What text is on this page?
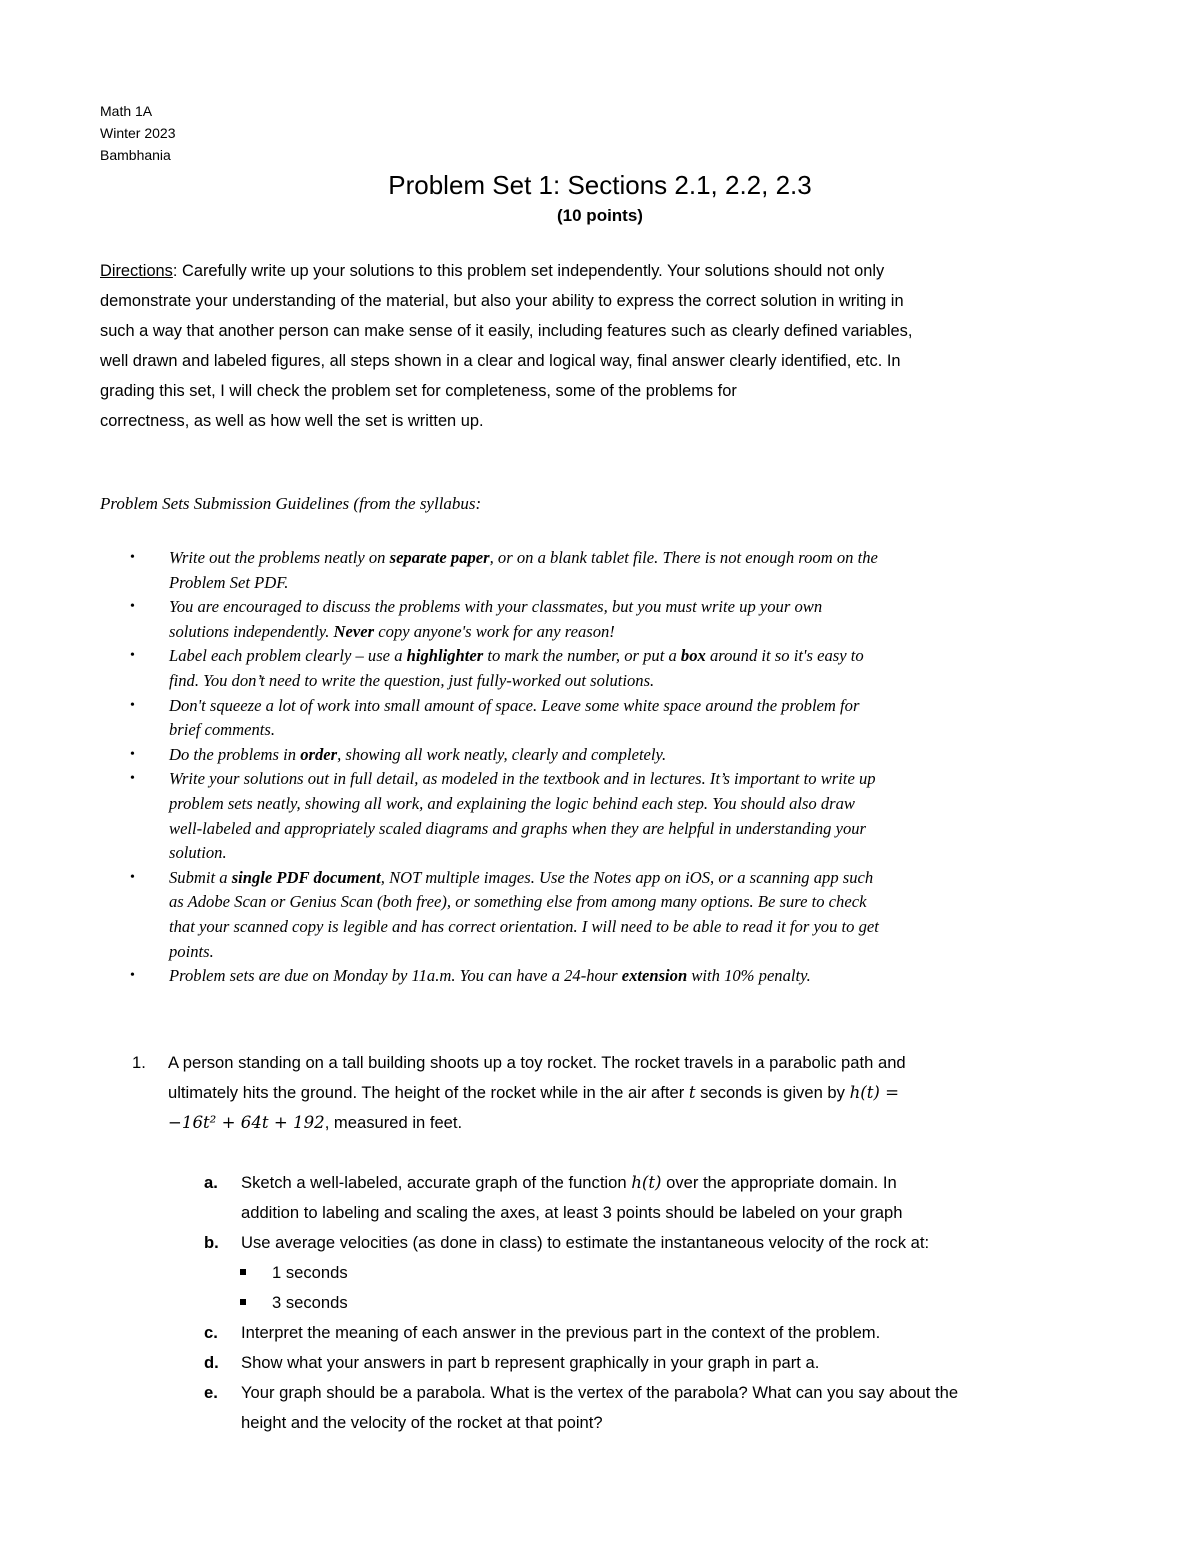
Math 1A
Winter 2023
Bambhania
Problem Set 1: Sections 2.1, 2.2, 2.3
(10 points)
Directions: Carefully write up your solutions to this problem set independently. Your solutions should not only
demonstrate your understanding of the material, but also your ability to express the correct solution in writing in
such a way that another person can make sense of it easily, including features such as clearly defined variables,
well drawn and labeled figures, all steps shown in a clear and logical way, final answer clearly identified, etc. In
grading this set, I will check the problem set for completeness, some of the problems for
correctness, as well as how well the set is written up.
Problem Sets Submission Guidelines (from the syllabus:
• Write out the problems neatly on separate paper, or on a blank tablet file. There is not enough room on the
Problem Set PDF.
• You are encouraged to discuss the problems with your classmates, but you must write up your own
solutions independently. Never copy anyone's work for any reason!
• Label each problem clearly – use a highlighter to mark the number, or put a box around it so it's easy to
find. You don’t need to write the question, just fully-worked out solutions.
• Don't squeeze a lot of work into small amount of space. Leave some white space around the problem for
brief comments.
• Do the problems in order, showing all work neatly, clearly and completely.
• Write your solutions out in full detail, as modeled in the textbook and in lectures. It’s important to write up
problem sets neatly, showing all work, and explaining the logic behind each step. You should also draw
well-labeled and appropriately scaled diagrams and graphs when they are helpful in understanding your
solution.
• Submit a single PDF document, NOT multiple images. Use the Notes app on iOS, or a scanning app such
as Adobe Scan or Genius Scan (both free), or something else from among many options. Be sure to check
that your scanned copy is legible and has correct orientation. I will need to be able to read it for you to get
points.
• Problem sets are due on Monday by 11a.m. You can have a 24-hour extension with 10% penalty.
1. A person standing on a tall building shoots up a toy rocket. The rocket travels in a parabolic path and
ultimately hits the ground. The height of the rocket while in the air after t seconds is given by h(t) =
−16t² + 64t + 192, measured in feet.
a. Sketch a well-labeled, accurate graph of the function h(t) over the appropriate domain. In
addition to labeling and scaling the axes, at least 3 points should be labeled on your graph
b. Use average velocities (as done in class) to estimate the instantaneous velocity of the rock at:
1 seconds
3 seconds
c. Interpret the meaning of each answer in the previous part in the context of the problem.
d. Show what your answers in part b represent graphically in your graph in part a.
e. Your graph should be a parabola. What is the vertex of the parabola? What can you say about the
height and the velocity of the rocket at that point?
